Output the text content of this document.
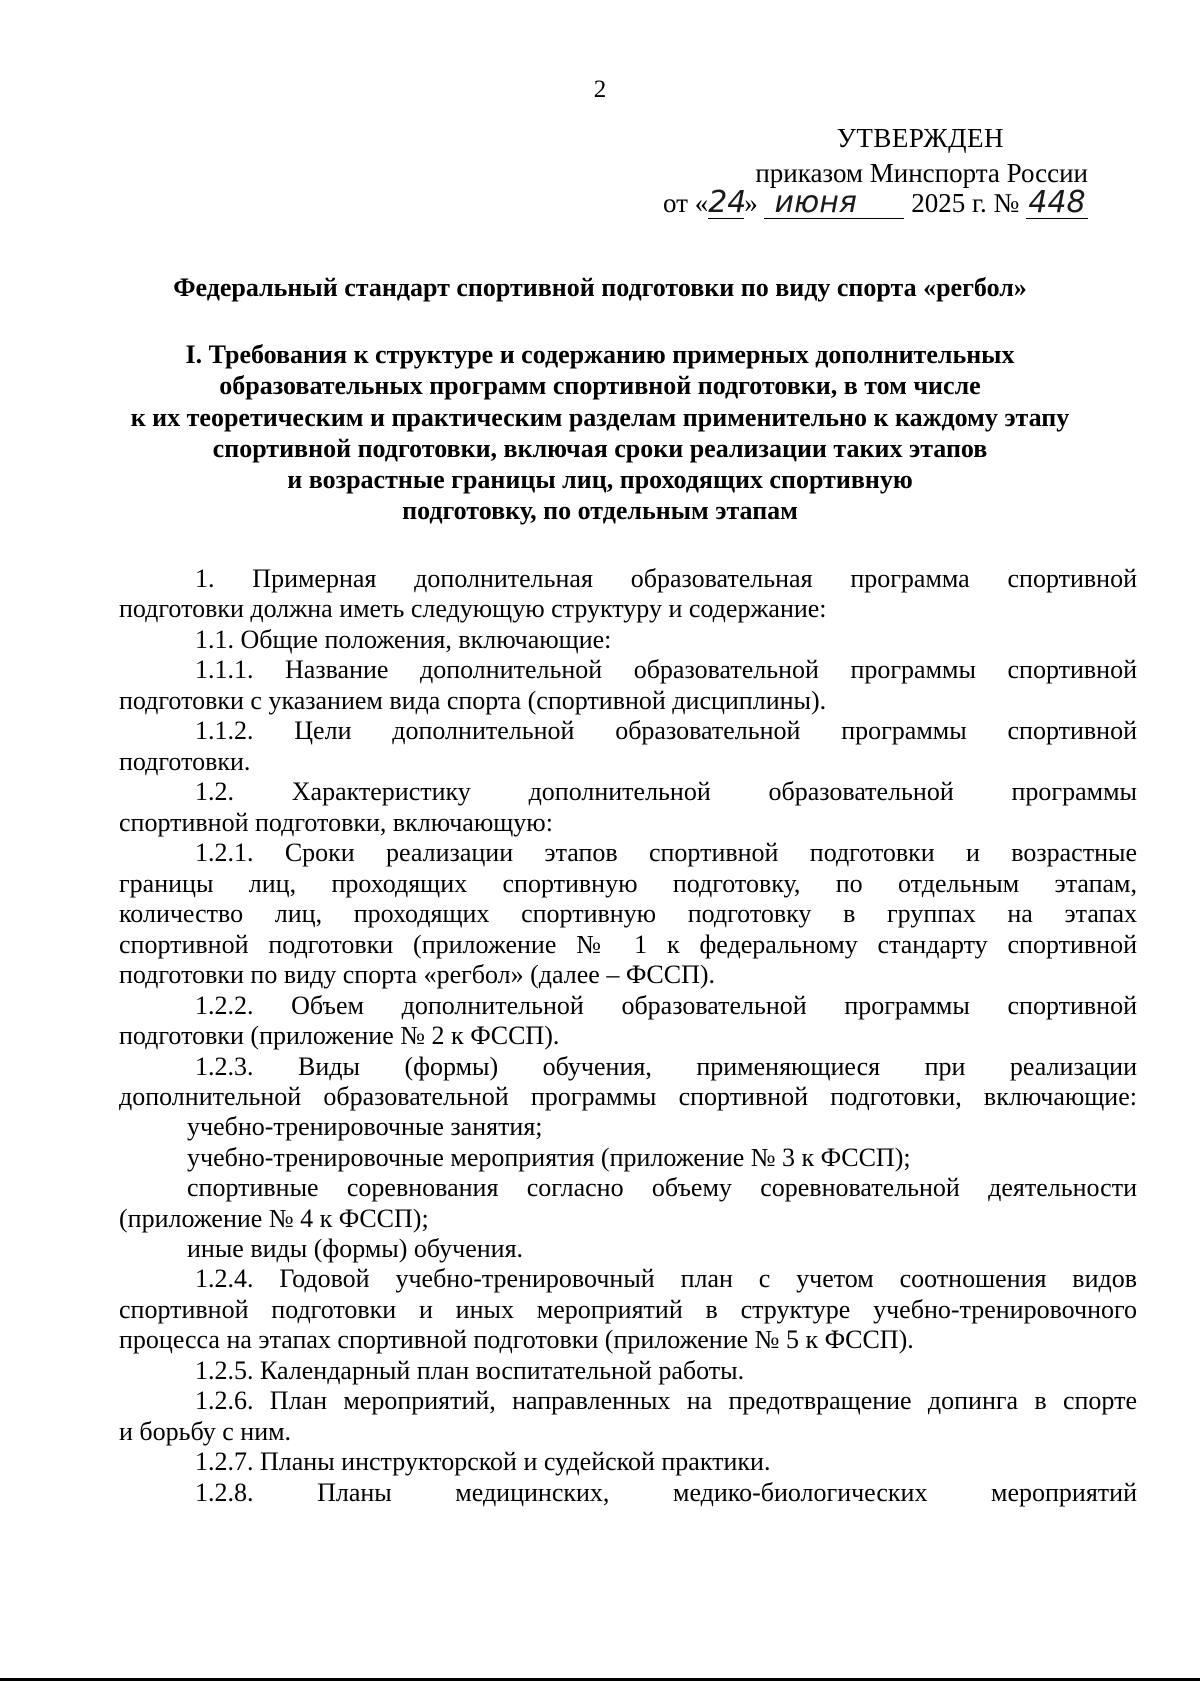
2
УТВЕРЖДЕН
приказом Минспорта России
от «24» июня 2025 г. № 448
Федеральный стандарт спортивной подготовки по виду спорта «регбол»
I. Требования к структуре и содержанию примерных дополнительных
образовательных программ спортивной подготовки, в том числе
к их теоретическим и практическим разделам применительно к каждому этапу
спортивной подготовки, включая сроки реализации таких этапов
и возрастные границы лиц, проходящих спортивную
подготовку, по отдельным этапам
1. Примерная дополнительная образовательная программа спортивной
подготовки должна иметь следующую структуру и содержание:
1.1. Общие положения, включающие:
1.1.1. Название дополнительной образовательной программы спортивной
подготовки с указанием вида спорта (спортивной дисциплины).
1.1.2. Цели дополнительной образовательной программы спортивной
подготовки.
1.2. Характеристику дополнительной образовательной программы
спортивной подготовки, включающую:
1.2.1. Сроки реализации этапов спортивной подготовки и возрастные
границы лиц, проходящих спортивную подготовку, по отдельным этапам,
количество лиц, проходящих спортивную подготовку в группах на этапах
спортивной подготовки (приложение № 1 к федеральному стандарту спортивной
подготовки по виду спорта «регбол» (далее – ФССП).
1.2.2. Объем дополнительной образовательной программы спортивной
подготовки (приложение № 2 к ФССП).
1.2.3. Виды (формы) обучения, применяющиеся при реализации
дополнительной образовательной программы спортивной подготовки, включающие:
учебно-тренировочные занятия;
учебно-тренировочные мероприятия (приложение № 3 к ФССП);
спортивные соревнования согласно объему соревновательной деятельности
(приложение № 4 к ФССП);
иные виды (формы) обучения.
1.2.4. Годовой учебно-тренировочный план с учетом соотношения видов
спортивной подготовки и иных мероприятий в структуре учебно-тренировочного
процесса на этапах спортивной подготовки (приложение № 5 к ФССП).
1.2.5. Календарный план воспитательной работы.
1.2.6. План мероприятий, направленных на предотвращение допинга в спорте
и борьбу с ним.
1.2.7. Планы инструкторской и судейской практики.
1.2.8. Планы медицинских, медико-биологических мероприятий
